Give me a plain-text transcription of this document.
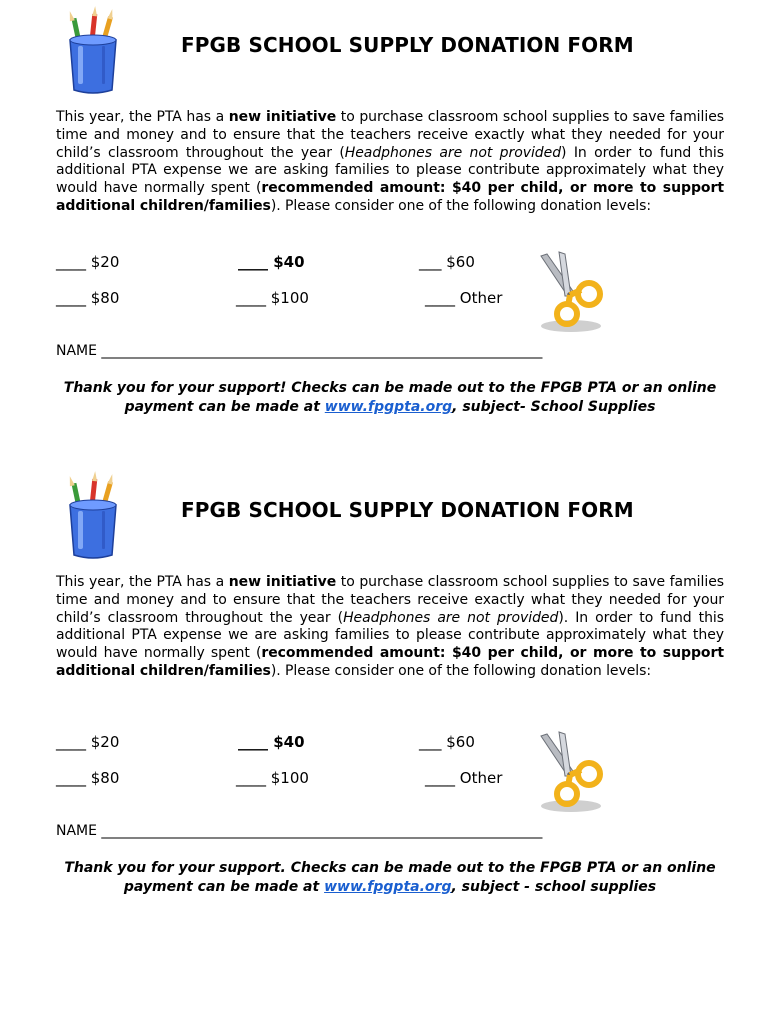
FPGB SCHOOL SUPPLY DONATION FORM

This year, the PTA has a new initiative to purchase classroom school supplies to save families time and money and to ensure that the teachers receive exactly what they needed for your child’s classroom throughout the year (Headphones are not provided) In order to fund this additional PTA expense we are asking families to please contribute approximately what they would have normally spent (recommended amount: $40 per child, or more to support additional children/families). Please consider one of the following donation levels:

____ $20	____ $40	___ $60
____ $80	____ $100	____ Other
NAME _______________________________________________________________

Thank you for your support! Checks can be made out to the FPGB PTA or an online payment can be made at www.fpgpta.org, subject- School Supplies

FPGB SCHOOL SUPPLY DONATION FORM

This year, the PTA has a new initiative to purchase classroom school supplies to save families time and money and to ensure that the teachers receive exactly what they needed for your child’s classroom throughout the year (Headphones are not provided). In order to fund this additional PTA expense we are asking families to please contribute approximately what they would have normally spent (recommended amount: $40 per child, or more to support additional children/families). Please consider one of the following donation levels:

____ $20	____ $40	___ $60
____ $80	____ $100	____ Other
NAME _______________________________________________________________

Thank you for your support. Checks can be made out to the FPGB PTA or an online payment can be made at www.fpgpta.org, subject - school supplies
